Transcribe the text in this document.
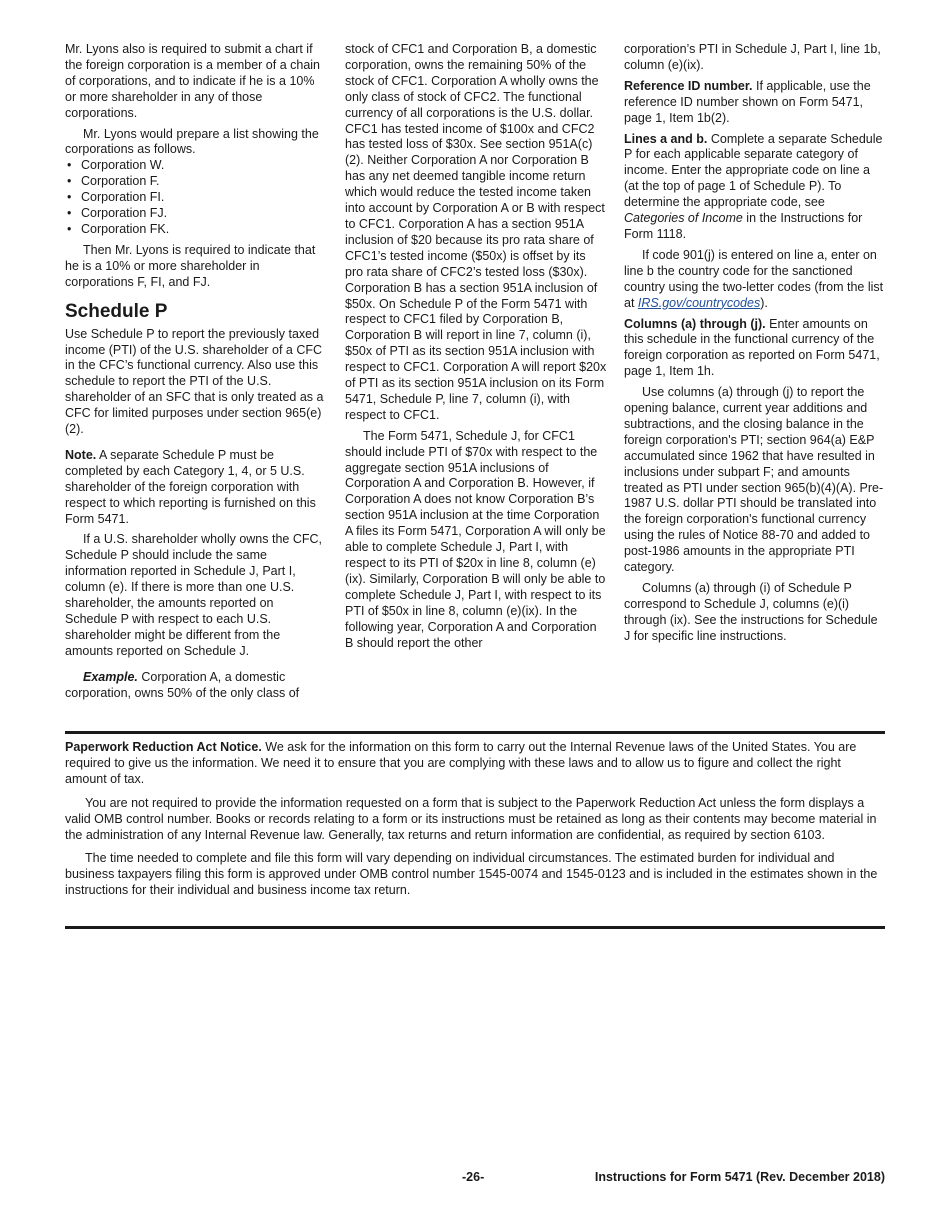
Mr. Lyons also is required to submit a chart if the foreign corporation is a member of a chain of corporations, and to indicate if he is a 10% or more shareholder in any of those corporations.

Mr. Lyons would prepare a list showing the corporations as follows.

• Corporation W.
• Corporation F.
• Corporation FI.
• Corporation FJ.
• Corporation FK.

Then Mr. Lyons is required to indicate that he is a 10% or more shareholder in corporations F, FI, and FJ.

Schedule P

Use Schedule P to report the previously taxed income (PTI) of the U.S. shareholder of a CFC in the CFC’s functional currency. Also use this schedule to report the PTI of the U.S. shareholder of an SFC that is only treated as a CFC for limited purposes under section 965(e)(2).

Note. A separate Schedule P must be completed by each Category 1, 4, or 5 U.S. shareholder of the foreign corporation with respect to which reporting is furnished on this Form 5471.

If a U.S. shareholder wholly owns the CFC, Schedule P should include the same information reported in Schedule J, Part I, column (e). If there is more than one U.S. shareholder, the amounts reported on Schedule P with respect to each U.S. shareholder might be different from the amounts reported on Schedule J.

Example. Corporation A, a domestic corporation, owns 50% of the only class of

stock of CFC1 and Corporation B, a domestic corporation, owns the remaining 50% of the stock of CFC1. Corporation A wholly owns the only class of stock of CFC2. The functional currency of all corporations is the U.S. dollar. CFC1 has tested income of $100x and CFC2 has tested loss of $30x. See section 951A(c)(2). Neither Corporation A nor Corporation B has any net deemed tangible income return which would reduce the tested income taken into account by Corporation A or B with respect to CFC1. Corporation A has a section 951A inclusion of $20 because its pro rata share of CFC1’s tested income ($50x) is offset by its pro rata share of CFC2’s tested loss ($30x). Corporation B has a section 951A inclusion of $50x. On Schedule P of the Form 5471 with respect to CFC1 filed by Corporation B, Corporation B will report in line 7, column (i), $50x of PTI as its section 951A inclusion with respect to CFC1. Corporation A will report $20x of PTI as its section 951A inclusion on its Form 5471, Schedule P, line 7, column (i), with respect to CFC1.

The Form 5471, Schedule J, for CFC1 should include PTI of $70x with respect to the aggregate section 951A inclusions of Corporation A and Corporation B. However, if Corporation A does not know Corporation B’s section 951A inclusion at the time Corporation A files its Form 5471, Corporation A will only be able to complete Schedule J, Part I, with respect to its PTI of $20x in line 8, column (e)(ix). Similarly, Corporation B will only be able to complete Schedule J, Part I, with respect to its PTI of $50x in line 8, column (e)(ix). In the following year, Corporation A and Corporation B should report the other

corporation’s PTI in Schedule J, Part I, line 1b, column (e)(ix).

Reference ID number. If applicable, use the reference ID number shown on Form 5471, page 1, Item 1b(2).

Lines a and b. Complete a separate Schedule P for each applicable separate category of income. Enter the appropriate code on line a (at the top of page 1 of Schedule P). To determine the appropriate code, see Categories of Income in the Instructions for Form 1118.

If code 901(j) is entered on line a, enter on line b the country code for the sanctioned country using the two-letter codes (from the list at IRS.gov/countrycodes).

Columns (a) through (j). Enter amounts on this schedule in the functional currency of the foreign corporation as reported on Form 5471, page 1, Item 1h.

Use columns (a) through (j) to report the opening balance, current year additions and subtractions, and the closing balance in the foreign corporation's PTI; section 964(a) E&P accumulated since 1962 that have resulted in inclusions under subpart F; and amounts treated as PTI under section 965(b)(4)(A). Pre-1987 U.S. dollar PTI should be translated into the foreign corporation's functional currency using the rules of Notice 88-70 and added to post-1986 amounts in the appropriate PTI category.

Columns (a) through (i) of Schedule P correspond to Schedule J, columns (e)(i) through (ix). See the instructions for Schedule J for specific line instructions.

Paperwork Reduction Act Notice. We ask for the information on this form to carry out the Internal Revenue laws of the United States. You are required to give us the information. We need it to ensure that you are complying with these laws and to allow us to figure and collect the right amount of tax.

You are not required to provide the information requested on a form that is subject to the Paperwork Reduction Act unless the form displays a valid OMB control number. Books or records relating to a form or its instructions must be retained as long as their contents may become material in the administration of any Internal Revenue law. Generally, tax returns and return information are confidential, as required by section 6103.

The time needed to complete and file this form will vary depending on individual circumstances. The estimated burden for individual and business taxpayers filing this form is approved under OMB control number 1545-0074 and 1545-0123 and is included in the estimates shown in the instructions for their individual and business income tax return.

-26-	Instructions for Form 5471 (Rev. December 2018)
